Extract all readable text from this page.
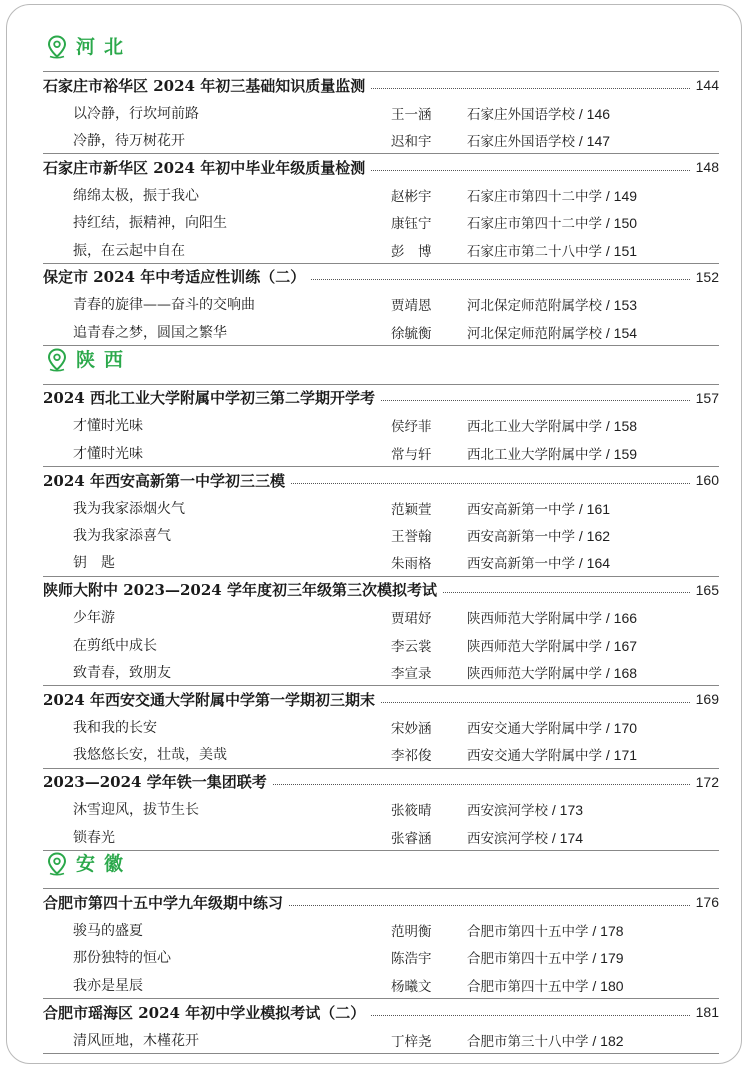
河北
石家庄市裕华区 2024 年初三基础知识质量监测	144
以冷静，行坎坷前路	王一涵	石家庄外国语学校 / 146
冷静，待万树花开	迟和宇	石家庄外国语学校 / 147
石家庄市新华区 2024 年初中毕业年级质量检测	148
绵绵太极，振于我心	赵彬宇	石家庄市第四十二中学 / 149
持红结，振精神，向阳生	康钰宁	石家庄市第四十二中学 / 150
振，在云起中自在	彭　博	石家庄市第二十八中学 / 151
保定市 2024 年中考适应性训练（二）	152
青春的旋律——奋斗的交响曲	贾靖恩	河北保定师范附属学校 / 153
追青春之梦，圆国之繁华	徐毓衡	河北保定师范附属学校 / 154
陕西
2024 西北工业大学附属中学初三第二学期开学考	157
才懂时光味	侯纾菲	西北工业大学附属中学 / 158
才懂时光味	常与轩	西北工业大学附属中学 / 159
2024 年西安高新第一中学初三三模	160
我为我家添烟火气	范颖萱	西安高新第一中学 / 161
我为我家添喜气	王誉翰	西安高新第一中学 / 162
钥　匙	朱雨格	西安高新第一中学 / 164
陕师大附中 2023—2024 学年度初三年级第三次模拟考试	165
少年游	贾珺妤	陕西师范大学附属中学 / 166
在剪纸中成长	李云裳	陕西师范大学附属中学 / 167
致青春，致朋友	李宣录	陕西师范大学附属中学 / 168
2024 年西安交通大学附属中学第一学期初三期末	169
我和我的长安	宋妙涵	西安交通大学附属中学 / 170
我悠悠长安，壮哉，美哉	李祁俊	西安交通大学附属中学 / 171
2023—2024 学年铁一集团联考	172
沐雪迎风，拔节生长	张筱晴	西安滨河学校 / 173
锁春光	张睿涵	西安滨河学校 / 174
安徽
合肥市第四十五中学九年级期中练习	176
骏马的盛夏	范明衡	合肥市第四十五中学 / 178
那份独特的恒心	陈浩宇	合肥市第四十五中学 / 179
我亦是星辰	杨曦文	合肥市第四十五中学 / 180
合肥市瑶海区 2024 年初中学业模拟考试（二）	181
清风匝地，木槿花开	丁梓尧	合肥市第三十八中学 / 182
